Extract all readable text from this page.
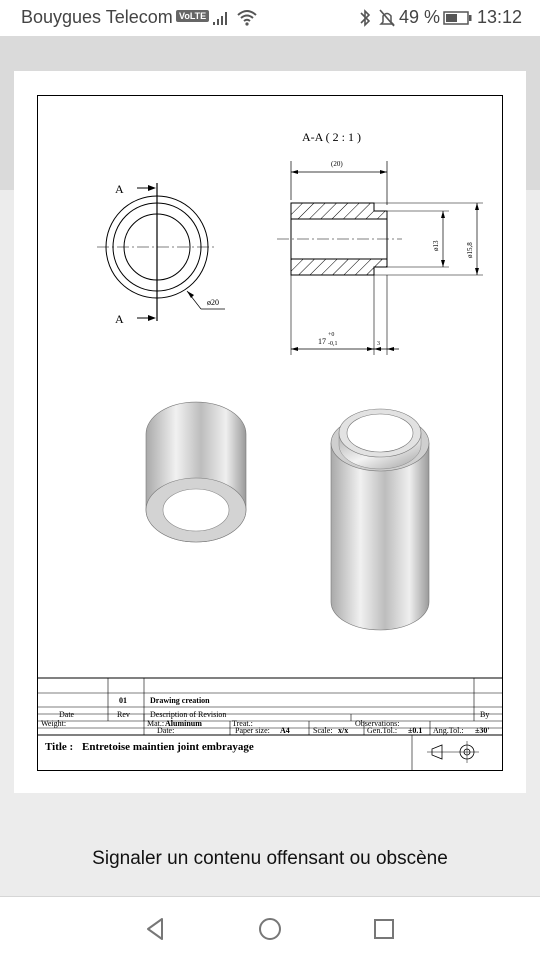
Bouygues Telecom VoLTE	49 % 13:12
A
A
ø20
A-A ( 2 : 1 )
(20)
ø13	ø15,8
17
+0
-0,1	3
01	Drawing creation
Date	Rev	Description of Revision	By
Weight:	Mat.: Aluminum	Treat.:	Observations:
Date:	Paper size: A4	Scale: x/x Gen.Tol.: ±0.1 Ang.Tol.: ±30'
Title : Entretoise maintien joint embrayage
Signaler un contenu offensant ou obscène
